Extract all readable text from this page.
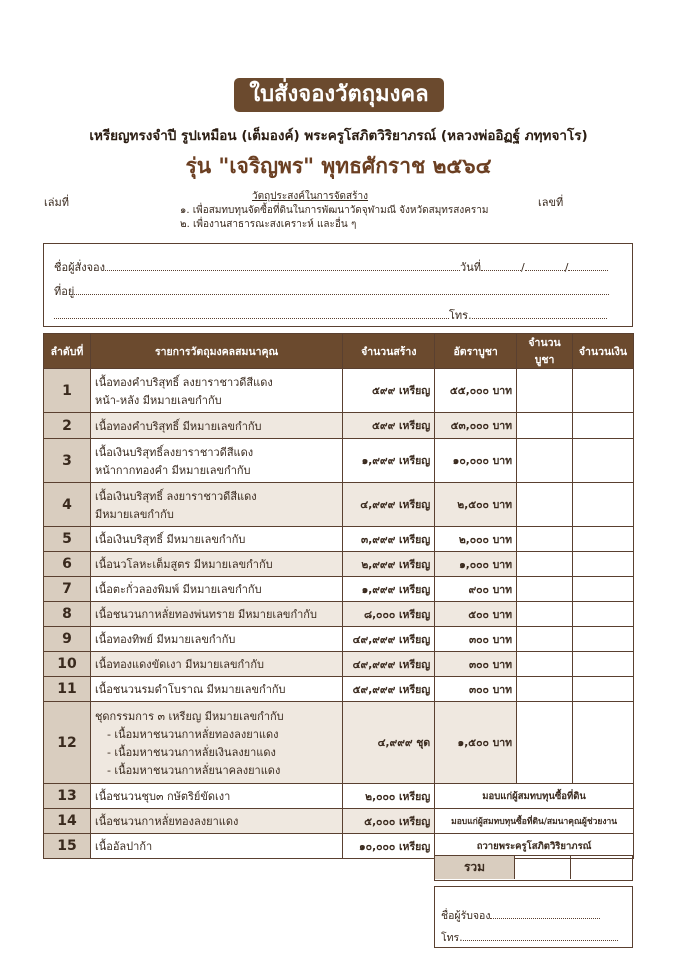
ใบสั่งจองวัตถุมงคล
เหรียญทรงจำปี รูปเหมือน (เต็มองค์) พระครูโสภิตวิริยาภรณ์ (หลวงพ่ออิฏฐ์ ภทฺทจาโร)
รุ่น "เจริญพร" พุทธศักราช ๒๕๖๔
เล่มที่	เลขที่
วัตถุประสงค์ในการจัดสร้าง
๑. เพื่อสมทบทุนจัดซื้อที่ดินในการพัฒนาวัดจุฬามณี จังหวัดสมุทรสงคราม
๒. เพื่องานสาธารณะสงเคราะห์ และอื่น ๆ
ชื่อผู้สั่งจอง	วันที่	/	/
ที่อยู่
โทร.
ลำดับที่	รายการวัตถุมงคลสมนาคุณ	จำนวนสร้าง	อัตราบูชา	จำนวนบูชา	จำนวนเงิน
1	เนื้อทองคำบริสุทธิ์ ลงยาราชาวดีสีแดง
หน้า-หลัง มีหมายเลขกำกับ	๕๙๙ เหรียญ	๕๕,๐๐๐ บาท		
2	เนื้อทองคำบริสุทธิ์ มีหมายเลขกำกับ	๕๙๙ เหรียญ	๕๓,๐๐๐ บาท		
3	เนื้อเงินบริสุทธิ์ลงยาราชาวดีสีแดง
หน้ากากทองคำ มีหมายเลขกำกับ	๑,๙๙๙ เหรียญ	๑๐,๐๐๐ บาท		
4	เนื้อเงินบริสุทธิ์ ลงยาราชาวดีสีแดง
มีหมายเลขกำกับ	๔,๙๙๙ เหรียญ	๒,๕๐๐ บาท		
5	เนื้อเงินบริสุทธิ์ มีหมายเลขกำกับ	๓,๙๙๙ เหรียญ	๒,๐๐๐ บาท		
6	เนื้อนวโลหะเต็มสูตร มีหมายเลขกำกับ	๒,๙๙๙ เหรียญ	๑,๐๐๐ บาท		
7	เนื้อตะกั่วลองพิมพ์ มีหมายเลขกำกับ	๑,๙๙๙ เหรียญ	๙๐๐ บาท		
8	เนื้อชนวนกาหลั่ยทองพ่นทราย มีหมายเลขกำกับ	๘,๐๐๐ เหรียญ	๕๐๐ บาท		
9	เนื้อทองทิพย์ มีหมายเลขกำกับ	๔๙,๙๙๙ เหรียญ	๓๐๐ บาท		
10	เนื้อทองแดงขัดเงา มีหมายเลขกำกับ	๔๙,๙๙๙ เหรียญ	๓๐๐ บาท		
11	เนื้อชนวนรมดำโบราณ มีหมายเลขกำกับ	๕๙,๙๙๙ เหรียญ	๓๐๐ บาท		
12	ชุดกรรมการ ๓ เหรียญ มีหมายเลขกำกับ
- เนื้อมหาชนวนกาหลั่ยทองลงยาแดง
- เนื้อมหาชนวนกาหลั่ยเงินลงยาแดง
- เนื้อมหาชนวนกาหลั่ยนาคลงยาแดง	๔,๙๙๙ ชุด	๑,๕๐๐ บาท		
13	เนื้อชนวนชุบ๓ กษัตริย์ขัดเงา	๒,๐๐๐ เหรียญ	มอบแก่ผู้สมทบทุนซื้อที่ดิน		
14	เนื้อชนวนกาหลั่ยทองลงยาแดง	๕,๐๐๐ เหรียญ	มอบแก่ผู้สมทบทุนซื้อที่ดิน/สมนาคุณผู้ช่วยงาน		
15	เนื้ออัลปาก้า	๑๐,๐๐๐ เหรียญ	ถวายพระครูโสภิตวิริยาภรณ์		
รวม
ชื่อผู้รับจอง
โทร.
